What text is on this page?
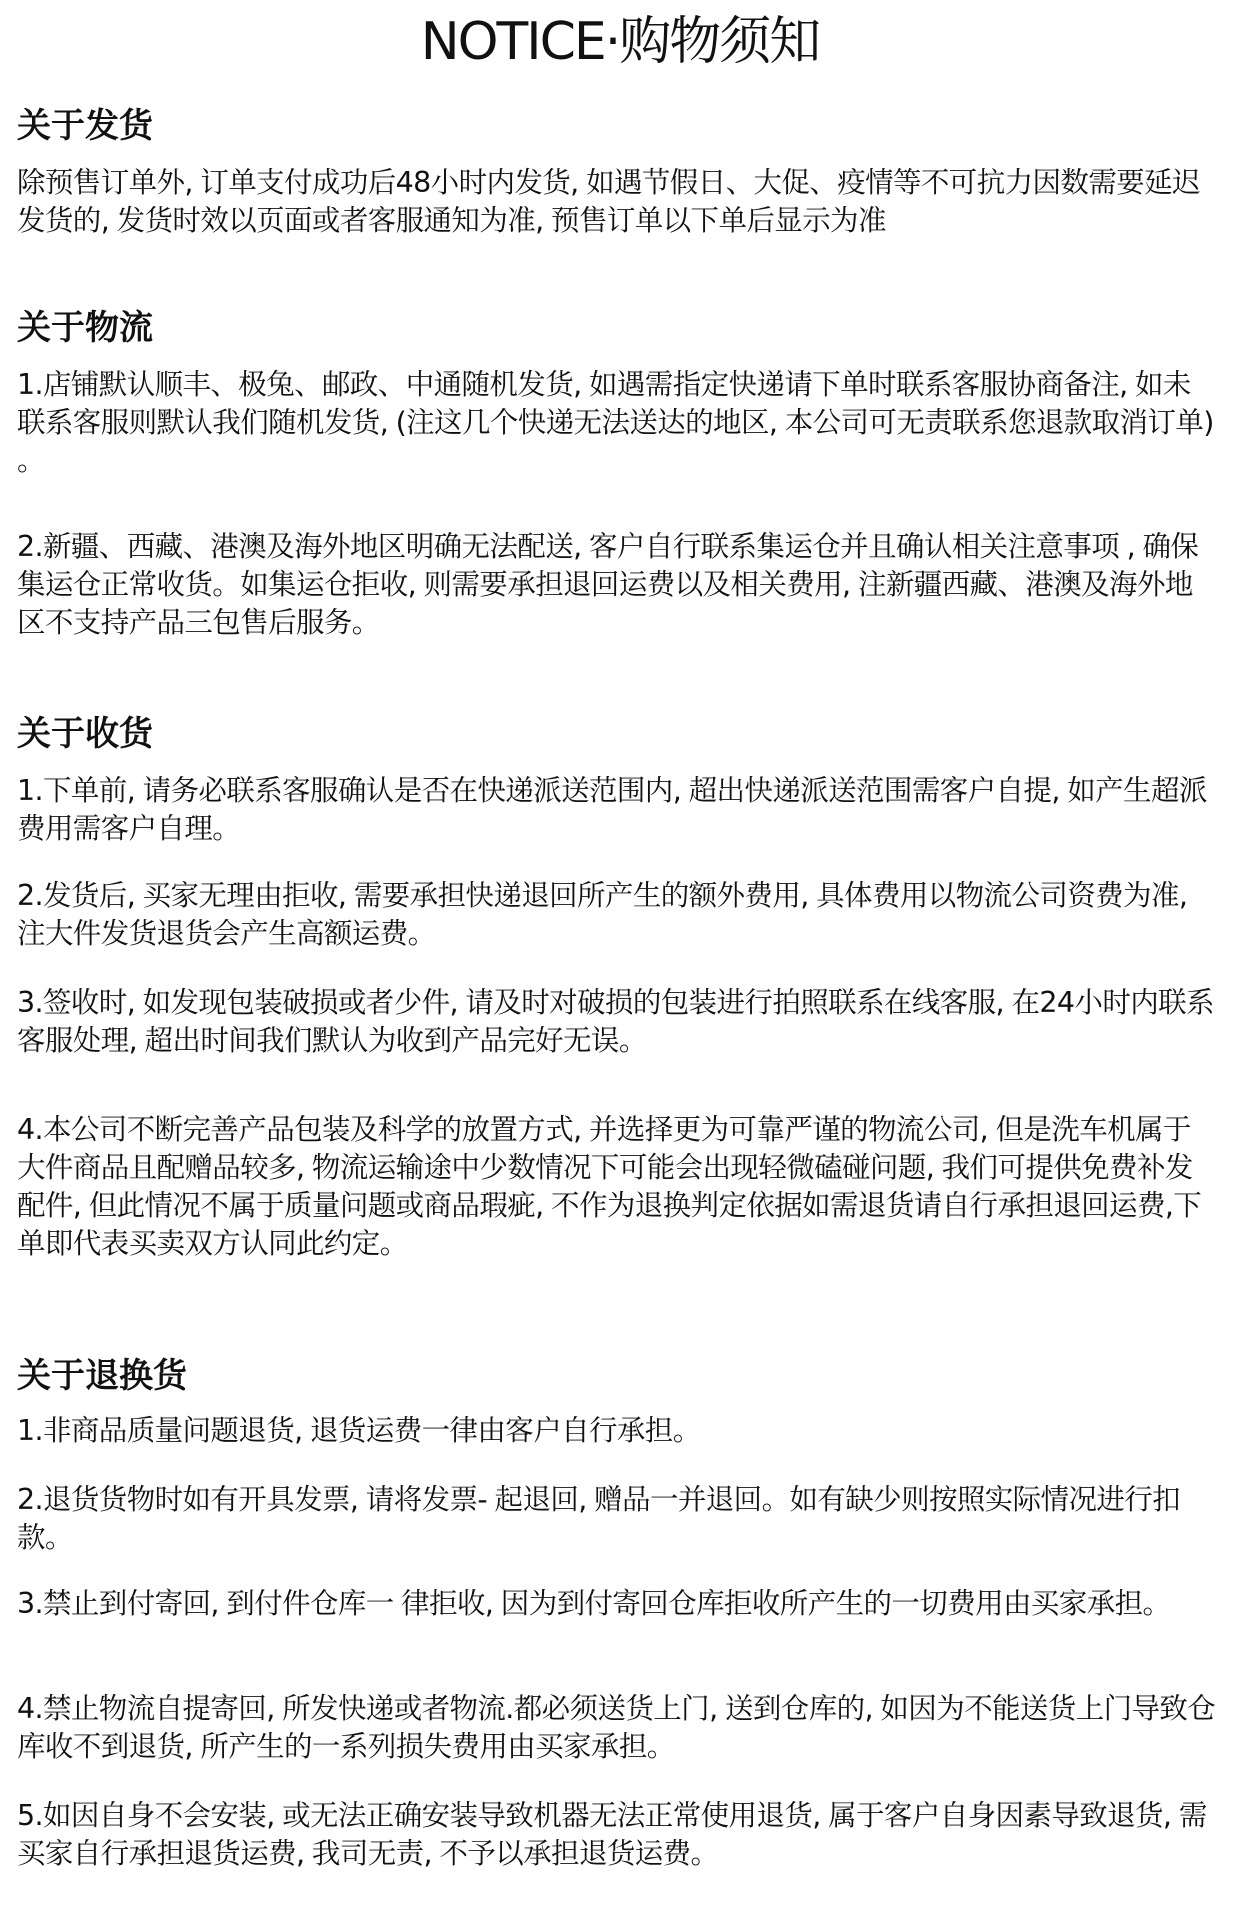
NOTICE·购物须知
关于发货

除预售订单外, 订单支付成功后48小时内发货, 如遇节假日、大促、疫情等不可抗力因数需要延迟发货的, 发货时效以页面或者客服通知为准, 预售订单以下单后显示为准

关于物流

1.店铺默认顺丰、极兔、邮政、中通随机发货, 如遇需指定快递请下单时联系客服协商备注, 如未联系客服则默认我们随机发货, (注这几个快递无法送达的地区, 本公司可无责联系您退款取消订单) 。

2.新疆、西藏、港澳及海外地区明确无法配送, 客户自行联系集运仓并且确认相关注意事项 , 确保集运仓正常收货。如集运仓拒收, 则需要承担退回运费以及相关费用, 注新疆西藏、港澳及海外地区不支持产品三包售后服务。

关于收货

1.下单前, 请务必联系客服确认是否在快递派送范围内, 超出快递派送范围需客户自提, 如产生超派费用需客户自理。

2.发货后, 买家无理由拒收, 需要承担快递退回所产生的额外费用, 具体费用以物流公司资费为准, 注大件发货退货会产生高额运费。

3.签收时, 如发现包装破损或者少件, 请及时对破损的包装进行拍照联系在线客服, 在24小时内联系客服处理, 超出时间我们默认为收到产品完好无误。

4.本公司不断完善产品包装及科学的放置方式, 并选择更为可靠严谨的物流公司, 但是洗车机属于大件商品且配赠品较多, 物流运输途中少数情况下可能会出现轻微磕碰问题, 我们可提供免费补发配件, 但此情况不属于质量问题或商品瑕疵, 不作为退换判定依据如需退货请自行承担退回运费,下单即代表买卖双方认同此约定。

关于退换货

1.非商品质量问题退货, 退货运费一律由客户自行承担。

2.退货货物时如有开具发票, 请将发票- 起退回, 赠品一并退回。如有缺少则按照实际情况进行扣款。

3.禁止到付寄回, 到付件仓库一 律拒收, 因为到付寄回仓库拒收所产生的一切费用由买家承担。

4.禁止物流自提寄回, 所发快递或者物流.都必须送货上门, 送到仓库的, 如因为不能送货上门导致仓库收不到退货, 所产生的一系列损失费用由买家承担。

5.如因自身不会安装, 或无法正确安装导致机器无法正常使用退货, 属于客户自身因素导致退货, 需买家自行承担退货运费, 我司无责, 不予以承担退货运费。
